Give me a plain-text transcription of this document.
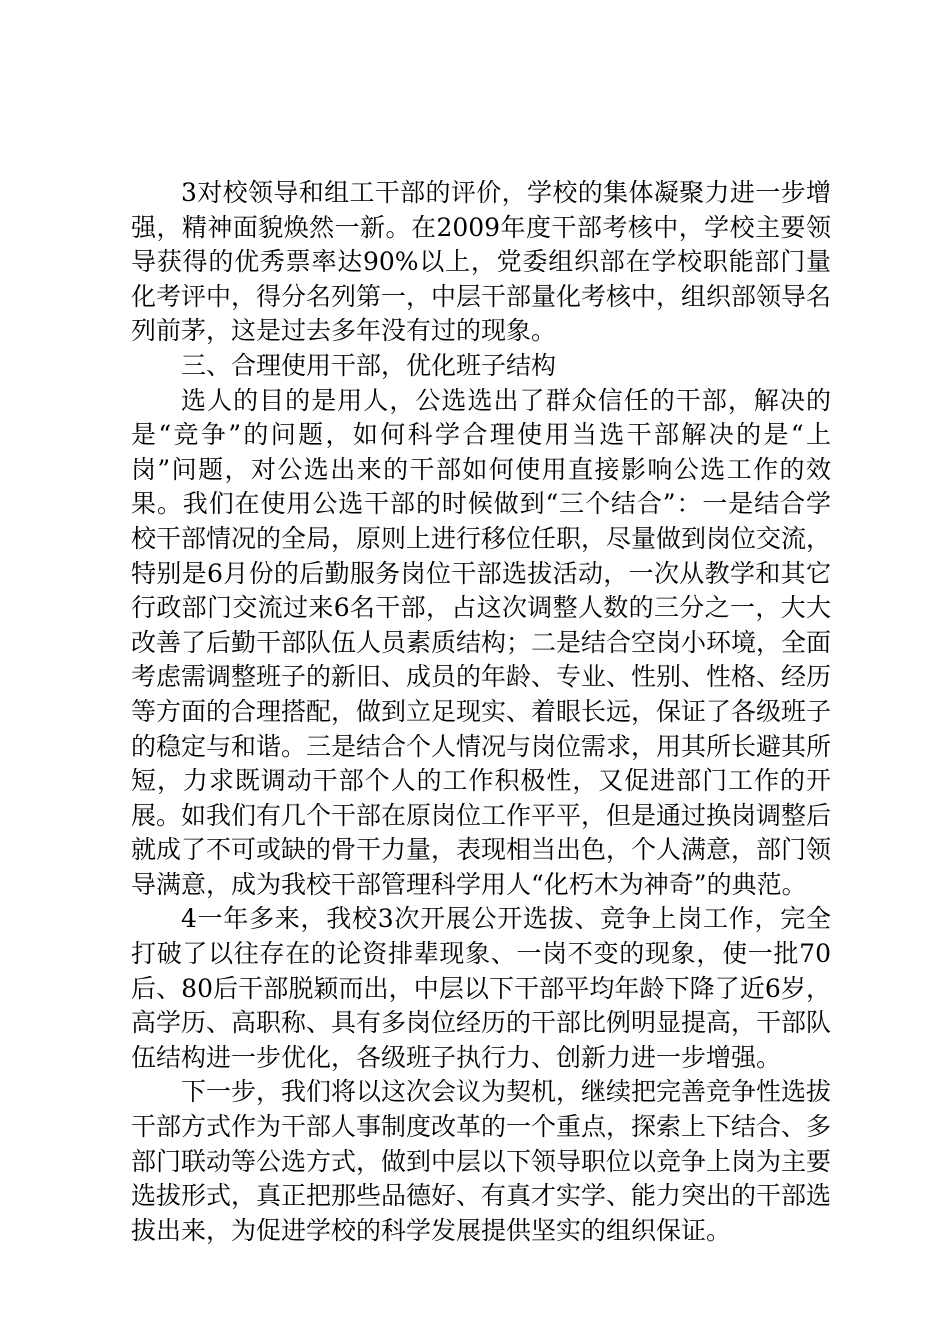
3对校领导和组工干部的评价，学校的集体凝聚力进一步增强，精神面貌焕然一新。在2009年度干部考核中，学校主要领导获得的优秀票率达90%以上，党委组织部在学校职能部门量化考评中，得分名列第一，中层干部量化考核中，组织部领导名列前茅，这是过去多年没有过的现象。

三、合理使用干部，优化班子结构

选人的目的是用人，公选选出了群众信任的干部，解决的是“竞争”的问题，如何科学合理使用当选干部解决的是“上岗”问题，对公选出来的干部如何使用直接影响公选工作的效果。我们在使用公选干部的时候做到“三个结合”：一是结合学校干部情况的全局，原则上进行移位任职，尽量做到岗位交流，特别是6月份的后勤服务岗位干部选拔活动，一次从教学和其它行政部门交流过来6名干部，占这次调整人数的三分之一，大大改善了后勤干部队伍人员素质结构；二是结合空岗小环境，全面考虑需调整班子的新旧、成员的年龄、专业、性别、性格、经历等方面的合理搭配，做到立足现实、着眼长远，保证了各级班子的稳定与和谐。三是结合个人情况与岗位需求，用其所长避其所短，力求既调动干部个人的工作积极性，又促进部门工作的开展。如我们有几个干部在原岗位工作平平，但是通过换岗调整后就成了不可或缺的骨干力量，表现相当出色，个人满意，部门领导满意，成为我校干部管理科学用人“化朽木为神奇”的典范。

4一年多来，我校3次开展公开选拔、竞争上岗工作，完全打破了以往存在的论资排辈现象、一岗不变的现象，使一批70后、80后干部脱颖而出，中层以下干部平均年龄下降了近6岁，高学历、高职称、具有多岗位经历的干部比例明显提高，干部队伍结构进一步优化，各级班子执行力、创新力进一步增强。

下一步，我们将以这次会议为契机，继续把完善竞争性选拔干部方式作为干部人事制度改革的一个重点，探索上下结合、多部门联动等公选方式，做到中层以下领导职位以竞争上岗为主要选拔形式，真正把那些品德好、有真才实学、能力突出的干部选拔出来，为促进学校的科学发展提供坚实的组织保证。
